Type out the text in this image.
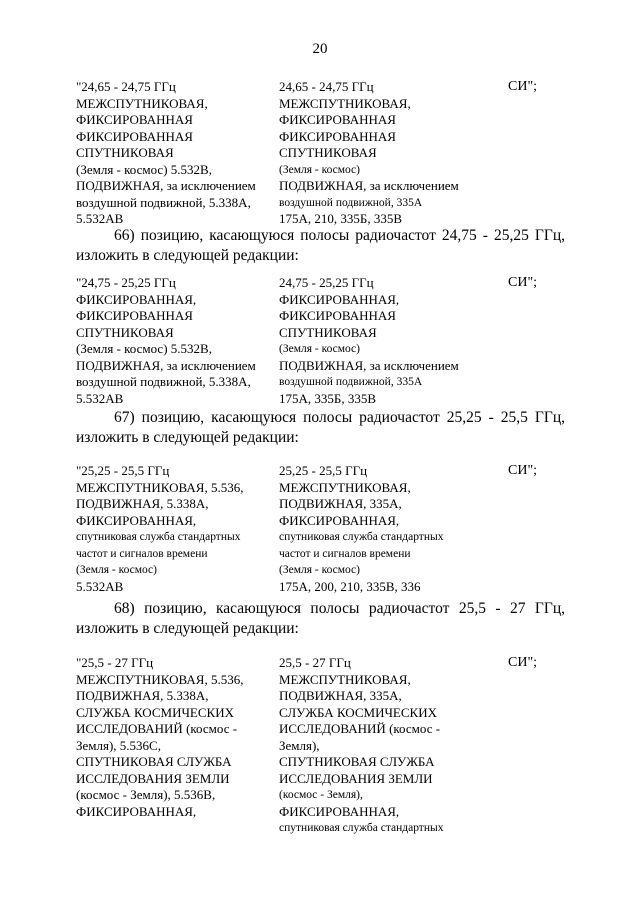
20
"24,65 - 24,75 ГГц
МЕЖСПУТНИКОВАЯ,
ФИКСИРОВАННАЯ
ФИКСИРОВАННАЯ
СПУТНИКОВАЯ
(Земля - космос) 5.532B,
ПОДВИЖНАЯ, за исключением
воздушной подвижной, 5.338А,
5.532АВ
24,65 - 24,75 ГГц
МЕЖСПУТНИКОВАЯ,
ФИКСИРОВАННАЯ
ФИКСИРОВАННАЯ
СПУТНИКОВАЯ
(Земля - космос)
ПОДВИЖНАЯ, за исключением
воздушной подвижной, 335А
175А, 210, 335Б, 335В
СИ";
66) позицию, касающуюся полосы радиочастот 24,75 - 25,25 ГГц,
изложить в следующей редакции:
"24,75 - 25,25 ГГц
ФИКСИРОВАННАЯ,
ФИКСИРОВАННАЯ
СПУТНИКОВАЯ
(Земля - космос) 5.532В,
ПОДВИЖНАЯ, за исключением
воздушной подвижной, 5.338А,
5.532АВ
24,75 - 25,25 ГГц
ФИКСИРОВАННАЯ,
ФИКСИРОВАННАЯ
СПУТНИКОВАЯ
(Земля - космос)
ПОДВИЖНАЯ, за исключением
воздушной подвижной, 335А
175А, 335Б, 335В
СИ";
67) позицию, касающуюся полосы радиочастот 25,25 - 25,5 ГГц,
изложить в следующей редакции:
"25,25 - 25,5 ГГц
МЕЖСПУТНИКОВАЯ, 5.536,
ПОДВИЖНАЯ, 5.338А,
ФИКСИРОВАННАЯ,
спутниковая служба стандартных
частот и сигналов времени
(Земля - космос)
5.532АВ
25,25 - 25,5 ГГц
МЕЖСПУТНИКОВАЯ,
ПОДВИЖНАЯ, 335А,
ФИКСИРОВАННАЯ,
спутниковая служба стандартных
частот и сигналов времени
(Земля - космос)
175А, 200, 210, 335В, 336
СИ";
68) позицию, касающуюся полосы радиочастот 25,5 - 27 ГГц,
изложить в следующей редакции:
"25,5 - 27 ГГц
МЕЖСПУТНИКОВАЯ, 5.536,
ПОДВИЖНАЯ, 5.338А,
СЛУЖБА КОСМИЧЕСКИХ
ИССЛЕДОВАНИЙ (космос -
Земля), 5.536С,
СПУТНИКОВАЯ СЛУЖБА
ИССЛЕДОВАНИЯ ЗЕМЛИ
(космос - Земля), 5.536В,
ФИКСИРОВАННАЯ,
25,5 - 27 ГГц
МЕЖСПУТНИКОВАЯ,
ПОДВИЖНАЯ, 335А,
СЛУЖБА КОСМИЧЕСКИХ
ИССЛЕДОВАНИЙ (космос -
Земля),
СПУТНИКОВАЯ СЛУЖБА
ИССЛЕДОВАНИЯ ЗЕМЛИ
(космос - Земля),
ФИКСИРОВАННАЯ,
спутниковая служба стандартных
СИ";
